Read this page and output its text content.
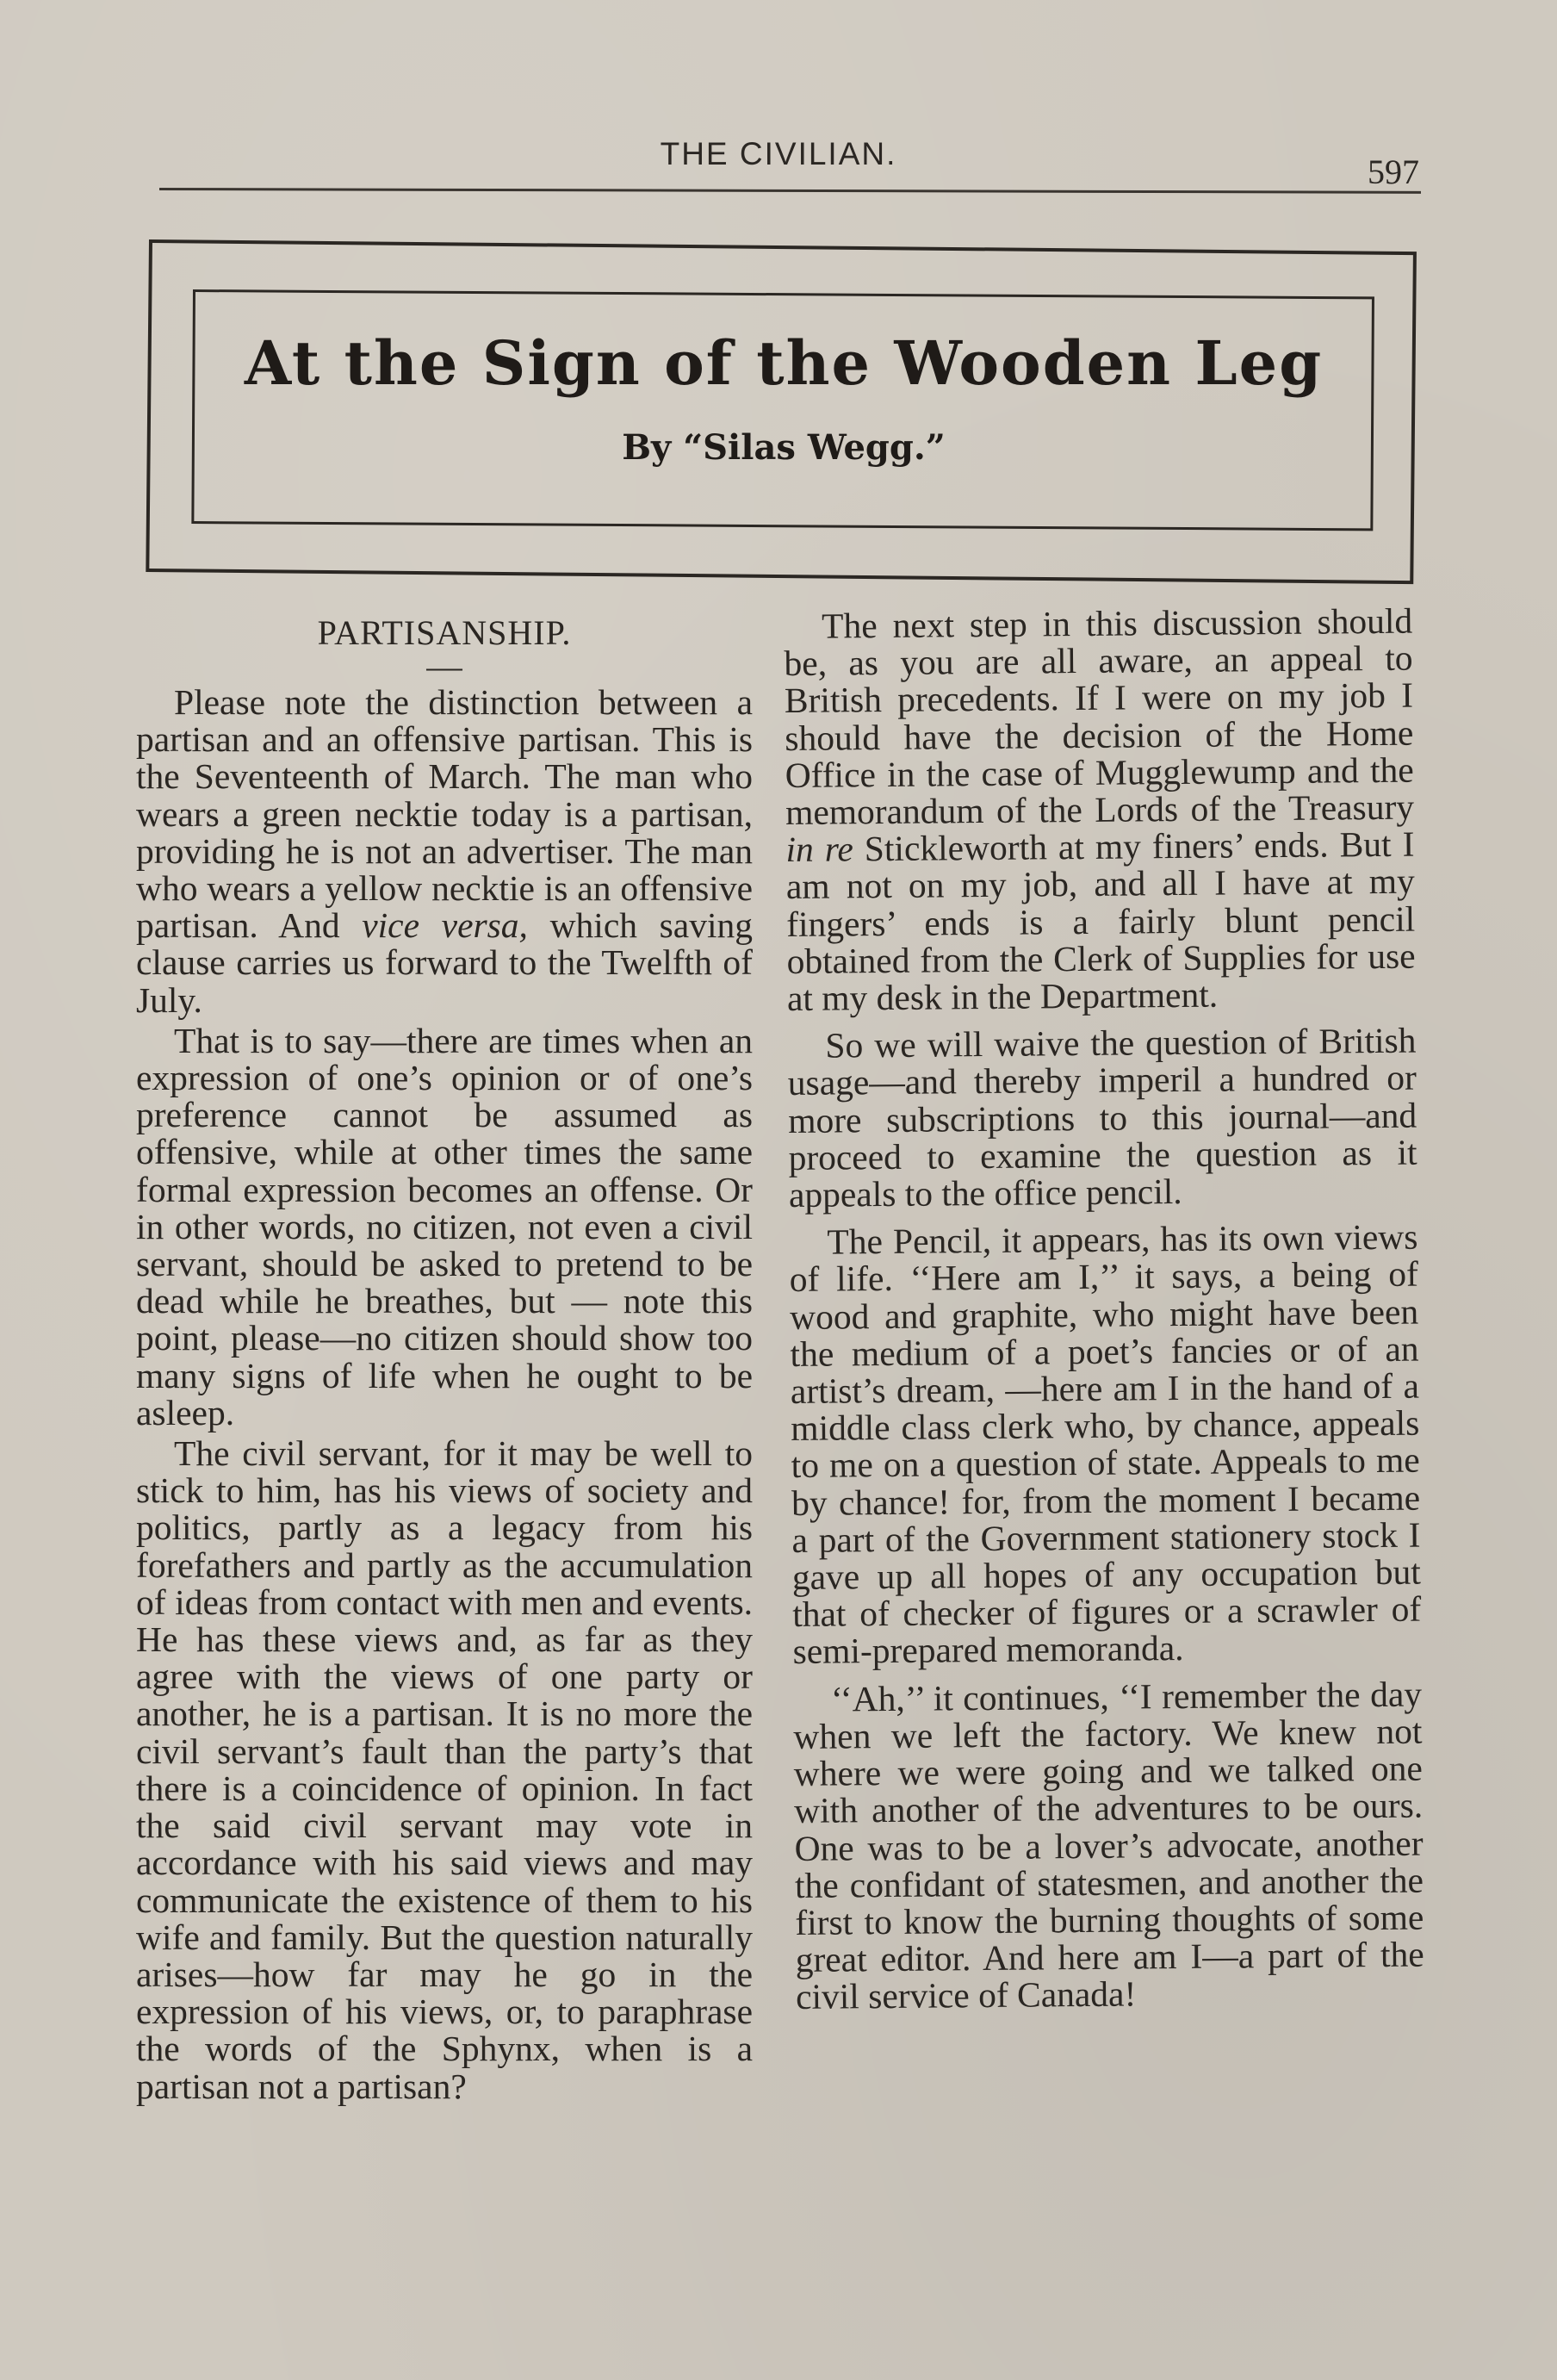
THE CIVILIAN.	597
At the Sign of the Wooden Leg
By “Silas Wegg.”
PARTISANSHIP.
—

Please note the distinction between a partisan and an offensive partisan. This is the Seventeenth of March. The man who wears a green necktie today is a partisan, providing he is not an advertiser. The man who wears a yellow necktie is an offensive partisan. And vice versa, which saving clause carries us forward to the Twelfth of July.

That is to say—there are times when an expression of one’s opinion or of one’s preference cannot be assumed as offensive, while at other times the same formal expression becomes an offense. Or in other words, no citizen, not even a civil servant, should be asked to pretend to be dead while he breathes, but — note this point, please—no citizen should show too many signs of life when he ought to be asleep.

The civil servant, for it may be well to stick to him, has his views of society and politics, partly as a legacy from his forefathers and partly as the accumulation of ideas from contact with men and events. He has these views and, as far as they agree with the views of one party or another, he is a partisan. It is no more the civil servant’s fault than the party’s that there is a coincidence of opinion. In fact the said civil servant may vote in accordance with his said views and may communicate the existence of them to his wife and family. But the question naturally arises—how far may he go in the expression of his views, or, to paraphrase the words of the Sphynx, when is a partisan not a partisan?

The next step in this discussion should be, as you are all aware, an appeal to British precedents. If I were on my job I should have the decision of the Home Office in the case of Mugglewump and the memorandum of the Lords of the Treasury in re Stickleworth at my finers’ ends. But I am not on my job, and all I have at my fingers’ ends is a fairly blunt pencil obtained from the Clerk of Supplies for use at my desk in the Department.

So we will waive the question of British usage—and thereby imperil a hundred or more subscriptions to this journal—and proceed to examine the question as it appeals to the office pencil.

The Pencil, it appears, has its own views of life. ‘‘Here am I,’’ it says, a being of wood and graphite, who might have been the medium of a poet’s fancies or of an artist’s dream, —here am I in the hand of a middle class clerk who, by chance, appeals to me on a question of state. Appeals to me by chance! for, from the moment I became a part of the Government stationery stock I gave up all hopes of any occupation but that of checker of figures or a scrawler of semi-prepared memoranda.

‘‘Ah,’’ it continues, ‘‘I remember the day when we left the factory. We knew not where we were going and we talked one with another of the adventures to be ours. One was to be a lover’s advocate, another the confidant of statesmen, and another the first to know the burning thoughts of some great editor. And here am I—a part of the civil service of Canada!
